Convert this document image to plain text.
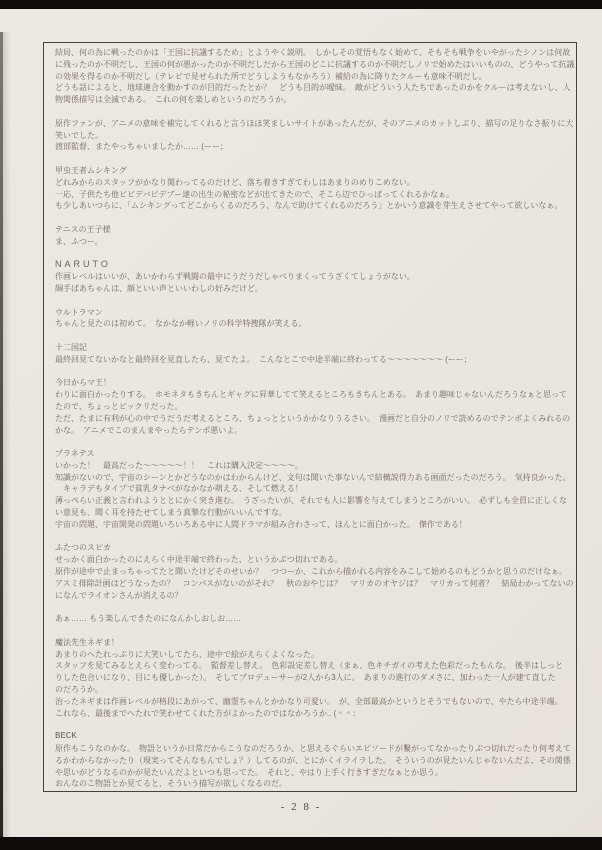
結局、何の為に戦ったのかは「王国に抗議するため」とようやく説明。　しかしその覚悟もなく始めて、そもそも戦争をいやがったシノンは何故
に残ったのか不明だし、王国の何が悪かったのか不明だしだから王国のどこに抗議するのか不明だしノリで始めたはいいものの、どうやって抗議
の効果を得るのか不明だし（テレビで見せられた所でどうしようもなかろう）補給の為に降りたクルーも意味不明だし。
どうも話によると、地球連合を動かすのが目的だったとか？　どうも目的が曖昧。　敵がどういう人たちであったのかをクルーは考えないし、人
物関係描写は全滅である。　これの何を楽しめというのだろうか。
原作ファンが、アニメの意味を補完してくれると言うほほ笑ましいサイトがあったんだが、そのアニメのカットしぶり、描写の足りなさ振りに大
笑いでした。
渡部監督、またやっちゃいましたか…… (ーー；
甲虫王者ムシキング
どれみからのスタッフがかなり関わってるのだけど、落ち着きすぎてわしはあまりのめりこめない。
一応、子供たち他ビビデバビデブー達の出生の秘密などが出てきたので、そこら辺でひっぱってくれるかなぁ。
も少しあいつらに、「ムシキングってどこからくるのだろう、なんで助けてくれるのだろう」とかいう意識を芽生えさせてやって欲しいなぁ。
テニスの王子様
ま、ふつー。
NARUTO
作画レベルはいいが、あいかわらず戦闘の最中にうだうだしゃべりまくってうざくてしょうがない。
綱手ばあちゃんは、顔といい声といいわしの好みだけど。
ウルトラマン
ちゃんと見たのは初めて。　なかなか軽いノリの科学特捜隊が笑える。
十二国記
最終回見てないかなと最終回を見直したら、見てたよ。　こんなとこで中途半端に終わってる～～～～～～～ (ーー；
今日からマ王！
わりに面白かったりする。　ホモネタもきちんとギャグに昇華してて笑えるところもきちんとある。　あまり趣味じゃないんだろうなぁと思って
たので、ちょっとビックリだった。
ただ、たまに有利が心の中でうだうだ考えるところ、ちょっとというかかなりうるさい。　漫画だと自分のノリで読めるのでテンポよくみれるの
かな。　アニメでこのまんまやったらテンポ悪いよ。
プラネテス
いかった！　最高だった～～～～～！！　これは購入決定～～～～。
知識がないので、宇宙のシーンとかどうなのかはわからんけど、文句は聞いた事ないんで結構説得力ある画面だったのだろう。　気持良かった。
　キャラデもタイプで貧乳タナベがなかなか萌える、そして燃える！
薄っぺらい正義と言われようととにかく突き進む。　うざったいが、それでも人に影響を与えてしまうところがいい。　必ずしも全員に正しくな
い意見も、聞く耳を持たせてしまう真摯な行動がいいんですな。
宇宙の問題、宇宙開発の問題いろいろある中に人間ドラマが組み合わさって、ほんとに面白かった。　傑作である！
ふたつのスピカ
せっかく面白かったのにえらく中途半端で終わった、というかぶつ切れである。
原作が途中で止まっちゃってたと聞いたけどそのせいか？　つつーか、これから描かれる内容をみこして始めるのもどうかと思うのだけなぁ。
アスミ排除計画はどうなったの？　コンパスがないのがそれ？　秋のおやじは？　マリカのオヤジは？　マリカって何者？　結局わかってないの
になんでライオンさんが消えるの？
あぁ…… もう楽しんできたのになんかしおしお……
魔法先生ネギま！
あまりのへたれっぷりに大笑いしてたら、途中で絵がえらくよくなった。
スタッフを見てみるとえらく変わってる。　監督差し替え。　色彩設定差し替え（まぁ、色キチガイの考えた色彩だったもんな。　後半はしっと
りした色合いになり、目にも優しかった）。　そしてプロデューサーが2人から3人に。　あまりの進行のダメさに、加わった一人が建て直した
のだろうか。
治ったネギまは作画レベルが格段にあがって、幽霊ちゃんとかかなり可愛い。　が、全部最高かというとそうでもないので、やたら中途半端。
これなら、最後までへたれで笑わせてくれた方がよかったのではなかろうか.. (＾＾：
BECK
原作もこうなのかな。　物語というか日常だからこうなのだろうか、と思えるぐらいエピソードが繋がってなかったりぶつ切れだったり何考えて
るかわからなかったり（現実ってそんなもんでしょ？）してるのが、とにかくイライラした。　そういうのが見たいんじゃないんだよ、その関係
や思いがどうなるのかが見たいんだよといつも思ってた。　それと、やはり上手く行きすぎだなぁとか思う。
おんなのこ物語とか見てると、そういう描写が欲しくなるのだ。
- 2 8 -
